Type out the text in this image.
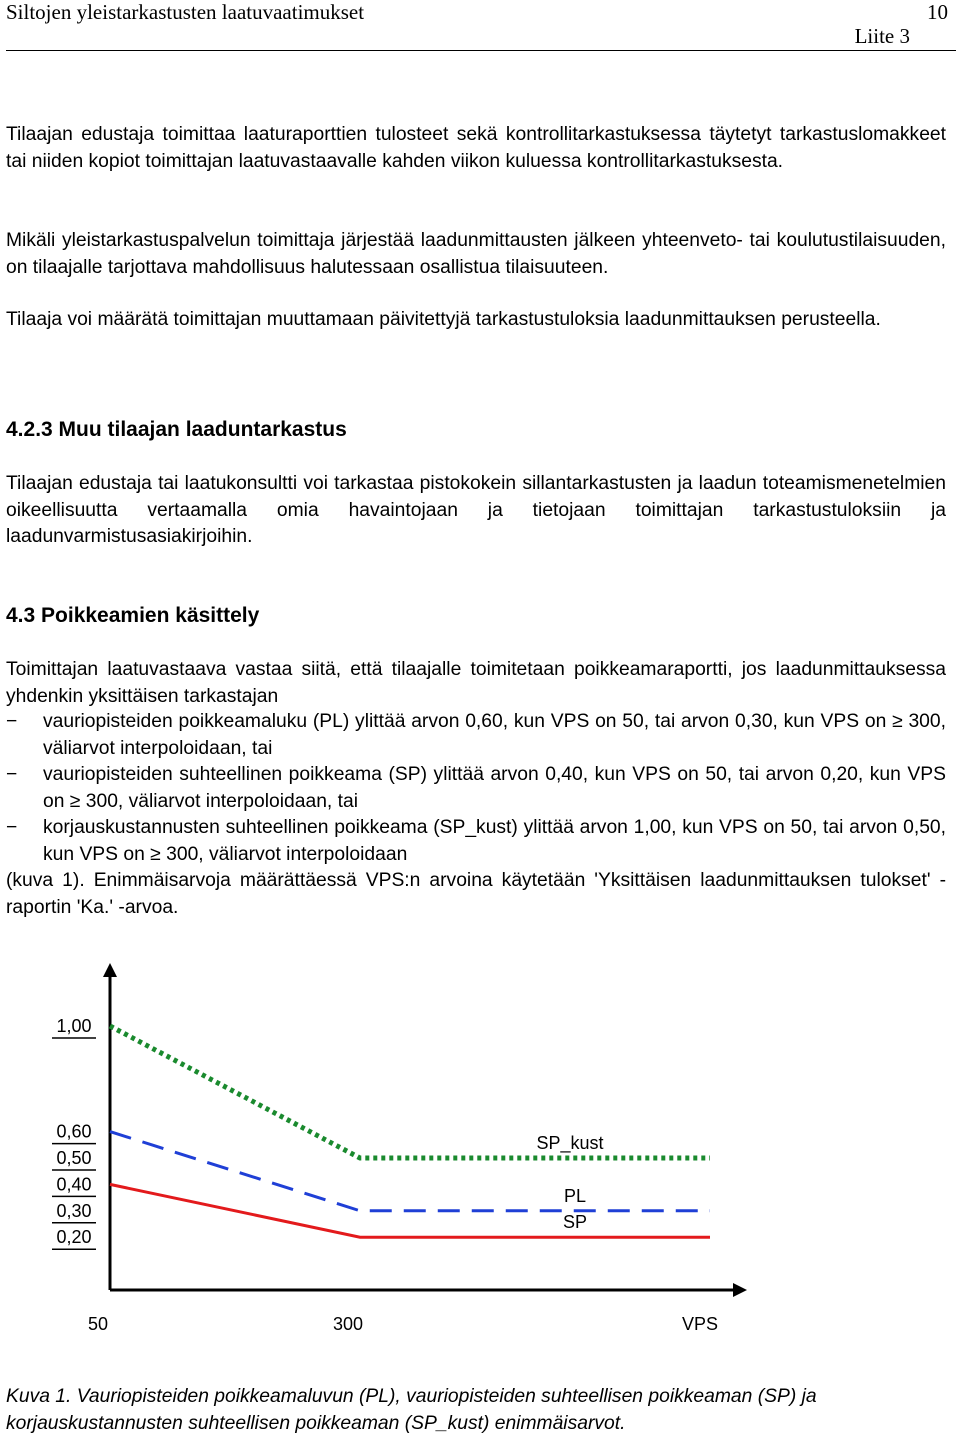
Siltojen yleistarkastusten laatuvaatimukset	10
Liite 3

Tilaajan edustaja toimittaa laaturaporttien tulosteet sekä kontrollitarkastuksessa täytetyt tarkastuslomakkeet tai niiden kopiot toimittajan laatuvastaavalle kahden viikon kuluessa kontrollitarkastuksesta.

Mikäli yleistarkastuspalvelun toimittaja järjestää laadunmittausten jälkeen yhteenveto- tai koulutustilaisuuden, on tilaajalle tarjottava mahdollisuus halutessaan osallistua tilaisuuteen.

Tilaaja voi määrätä toimittajan muuttamaan päivitettyjä tarkastustuloksia laadunmittauksen perusteella.

4.2.3 Muu tilaajan laaduntarkastus

Tilaajan edustaja tai laatukonsultti voi tarkastaa pistokokein sillantarkastusten ja laadun toteamismenetelmien oikeellisuutta vertaamalla omia havaintojaan ja tietojaan toimittajan tarkastustuloksiin ja laadunvarmistusasiakirjoihin.

4.3 Poikkeamien käsittely

Toimittajan laatuvastaava vastaa siitä, että tilaajalle toimitetaan poikkeamaraportti, jos laadunmittauksessa yhdenkin yksittäisen tarkastajan

− vauriopisteiden poikkeamaluku (PL) ylittää arvon 0,60, kun VPS on 50, tai arvon 0,30, kun VPS on ≥ 300, väliarvot interpoloidaan, tai
− vauriopisteiden suhteellinen poikkeama (SP) ylittää arvon 0,40, kun VPS on 50, tai arvon 0,20, kun VPS on ≥ 300, väliarvot interpoloidaan, tai
− korjauskustannusten suhteellinen poikkeama (SP_kust) ylittää arvon 1,00, kun VPS on 50, tai arvon 0,50, kun VPS on ≥ 300, väliarvot interpoloidaan

(kuva 1). Enimmäisarvoja määrättäessä VPS:n arvoina käytetään 'Yksittäisen laadunmittauksen tulokset' -raportin 'Ka.' -arvoa.

1,00
0,60
0,50
0,40
0,30
0,20
50	300
SP_kust
PL
SP
VPS

Kuva 1. Vauriopisteiden poikkeamaluvun (PL), vauriopisteiden suhteellisen poikkeaman (SP) ja korjauskustannusten suhteellisen poikkeaman (SP_kust) enimmäisarvot.
